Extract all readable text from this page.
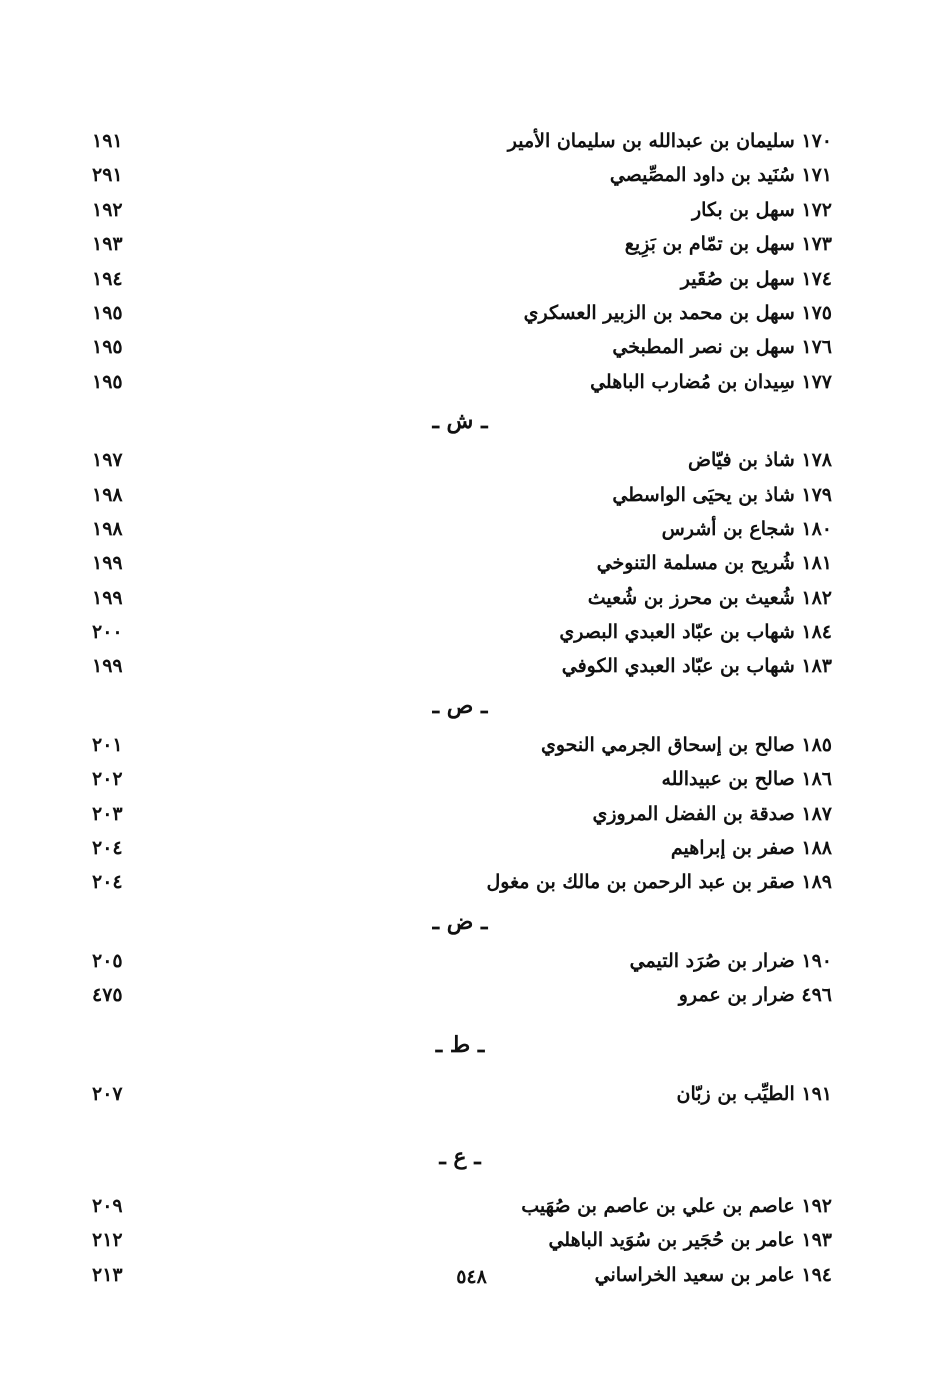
١٧٠ سليمان بن عبدالله بن سليمان الأمير
١٩١
١٧١ سُنَيد بن داود المصِّيصي
٢٩١
١٧٢ سهل بن بكار
١٩٢
١٧٣ سهل بن تمّام بن بَزِيع
١٩٣
١٧٤ سهل بن صُقَير
١٩٤
١٧٥ سهل بن محمد بن الزبير العسكري
١٩٥
١٧٦ سهل بن نصر المطبخي
١٩٥
١٧٧ سِيدان بن مُضارب الباهلي
١٩٥
ـ ش ـ
١٧٨ شاذ بن فيّاض
١٩٧
١٧٩ شاذ بن يحيَى الواسطي
١٩٨
١٨٠ شجاع بن أشرس
١٩٨
١٨١ شُريح بن مسلمة التنوخي
١٩٩
١٨٢ شُعيث بن محرز بن شُعيث
١٩٩
١٨٤ شهاب بن عبّاد العبدي البصري
٢٠٠
١٨٣ شهاب بن عبّاد العبدي الكوفي
١٩٩
ـ ص ـ
١٨٥ صالح بن إسحاق الجرمي النحوي
٢٠١
١٨٦ صالح بن عبيدالله
٢٠٢
١٨٧ صدقة بن الفضل المروزي
٢٠٣
١٨٨ صفر بن إبراهيم
٢٠٤
١٨٩ صقر بن عبد الرحمن بن مالك بن مغول
٢٠٤
ـ ض ـ
١٩٠ ضرار بن صُرَد التيمي
٢٠٥
٤٩٦ ضرار بن عمرو
٤٧٥
ـ ط ـ
١٩١ الطيِّب بن زبّان
٢٠٧
ـ ع ـ
١٩٢ عاصم بن علي بن عاصم بن صُهَيب
٢٠٩
١٩٣ عامر بن حُجَير بن سُوَيد الباهلي
٢١٢
١٩٤ عامر بن سعيد الخراساني
٢١٣	٥٤٨
